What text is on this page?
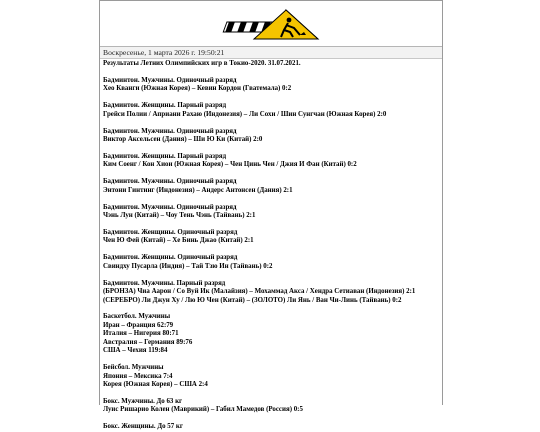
Воскресенье, 1 марта 2026 г. 19:50:21
Результаты Летних Олимпийских игр в Токио-2020. 31.07.2021.
Бадминтон. Мужчины. Одиночный разряд
Хео Кванги (Южная Корея) – Кевин Кордон (Гватемала) 0:2
Бадминтон. Женщины. Парный разряд
Грейси Полии / Априани Рахаю (Индонезия) – Ли Сохи / Шин Сунгчан (Южная Корея) 2:0
Бадминтон. Мужчины. Одиночный разряд
Виктор Аксельсен (Дания) – Ши Ю Ки (Китай) 2:0
Бадминтон. Женщины. Парный разряд
Ким Соенг / Кон Хиои (Южная Корея) – Чен Цинь Чен / Джия И Фан (Китай) 0:2
Бадминтон. Мужчины. Одиночный разряд
Энтони Гинтинг (Индонезия) – Андерс Антонсен (Дания) 2:1
Бадминтон. Мужчины. Одиночный разряд
Чэнь Лун (Китай) – Чоу Тень Чэнь (Тайвань) 2:1
Бадминтон. Женщины. Одиночный разряд
Чен Ю Фей (Китай) – Хе Бинь Джао (Китай) 2:1
Бадминтон. Женщины. Одиночный разряд
Свиндху Пусарла (Индия) – Тай Тзю Ин (Тайвань) 0:2
Бадминтон. Мужчины. Парный разряд
(БРОНЗА) Чиа Аарон / Со Вуй Ик (Малайзия) – Мохаммад Акса / Хендра Сетиаван (Индонезия) 2:1
(СЕРЕБРО) Ли Джун Ху / Лю Ю Чен (Китай) – (ЗОЛОТО) Ли Янь / Ван Чи-Линь (Тайвань) 0:2
Баскетбол. Мужчины
Иран – Франция 62:79
Италия – Нигерия 80:71
Австралия – Германия 89:76
США – Чехия 119:84
Бейсбол. Мужчины
Япония – Мексика 7:4
Корея (Южная Корея) – США 2:4
Бокс. Мужчины. До 63 кг
Луис Ришарио Колен (Маврикий) – Габил Мамедов (Россия) 0:5
Бокс. Женщины. До 57 кг
